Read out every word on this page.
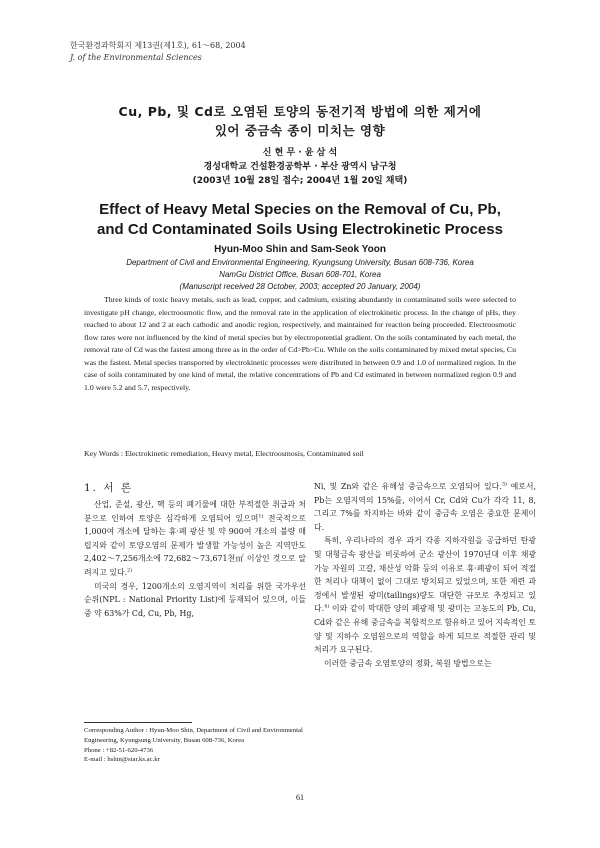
한국환경과학회지 제13권(제1호), 61～68, 2004
J. of the Environmental Sciences
Cu, Pb, 및 Cd로 오염된 토양의 동전기적 방법에 의한 제거에
있어 중금속 종이 미치는 영향
신 현 무 · 윤 삼 석
경성대학교 건설환경공학부 · 부산 광역시 남구청
(2003년 10월 28일 접수; 2004년 1월 20일 채택)
Effect of Heavy Metal Species on the Removal of Cu, Pb,
and Cd Contaminated Soils Using Electrokinetic Process
Hyun-Moo Shin and Sam-Seok Yoon
Department of Civil and Environmental Engineering, Kyungsung University, Busan 608-736, Korea
NamGu District Office, Busan 608-701, Korea
(Manuscript received 28 October, 2003; accepted 20 January, 2004)
Three kinds of toxic heavy metals, such as lead, copper, and cadmium, existing abundantly in contaminated soils were selected to investigate pH change, electroosmotic flow, and the removal rate in the application of electrokinetic process. In the change of pHs, they reached to about 12 and 2 at each cathodic and anodic region, respectively, and maintained for reaction being proceeded. Electroosmotic flow rates were not influenced by the kind of metal species but by electropotential gradient. On the soils contaminated by each metal, the removal rate of Cd was the fastest among three as in the order of Cd>Pb>Cu. While on the soils contaminated by mixed metal species, Cu was the fastest. Metal species transported by electrokinetic processes were distributed in between 0.9 and 1.0 of normalized region. In the case of soils contaminated by one kind of metal, the relative concentrations of Pb and Cd estimated in between normalized region 0.9 and 1.0 were 5.2 and 5.7, respectively.
Key Words : Electrokinetic remediation, Heavy metal, Electroosmosis, Contaminated soil
1. 서 론

산업, 준설, 광산, 핵 등의 폐기물에 대한 부적절한 취급과 처분으로 인하여 토양은 심각하게 오염되어 있으며$^{1)}$ 전국적으로 1,000여 개소에 달하는 휴·폐 광산 및 약 900여 개소의 불량 매립지와 같이 토양오염의 문제가 발생할 가능성이 높은 지역만도 2,402～7,256개소에 72,682～73,671천㎡ 이상인 것으로 알려지고 있다.$^{2)}$

미국의 경우, 1200개소의 오염지역이 처리를 위한 국가우선순위(NPL : National Priority List)에 등재되어 있으며, 이들 중 약 63%가 Cd, Cu, Pb, Hg,

Ni, 및 Zn와 같은 유해성 중금속으로 오염되어 있다.$^{3)}$ 예로서, Pb는 오염지역의 15%를, 이어서 Cr, Cd와 Cu가 각각 11, 8, 그리고 7%를 차지하는 바와 같이 중금속 오염은 중요한 문제이다.

특히, 우리나라의 경우 과거 각종 지하자원을 공급하던 탄광 및 대형금속 광산을 비롯하여 군소 광산이 1970년대 이후 채광가능 자원의 고갈, 채산성 악화 등의 이유로 휴·폐광이 되어 적절한 처리나 대책이 없이 그대로 방치되고 있었으며, 또한 제련 과정에서 발생된 광미(tailings)량도 대단한 규모로 추정되고 있다.$^{4)}$ 이와 같이 막대한 양의 폐광재 및 광미는 고농도의 Pb, Cu, Cd와 같은 유해 중금속을 복합적으로 함유하고 있어 지속적인 토양 및 지하수 오염원으로의 역할을 하게 되므로 적절한 관리 및 처리가 요구된다.

이러한 중금속 오염토양의 정화, 복원 방법으로는

Corresponding Author : Hyun-Moo Shin, Department of Civil and Environmental Engineering, Kyungsung University, Busan 608-736, Korea
Phone : +82-51-620-4736
E-mail : hshin@star.ks.ac.kr
61
